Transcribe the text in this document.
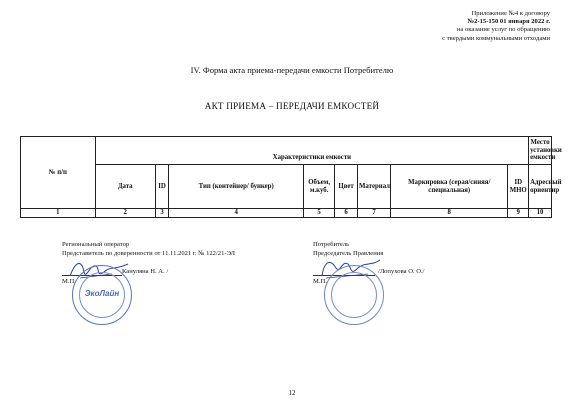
Приложение №4 к договору
№2-15-150 01 января 2022 г.
на оказание услуг по обращению
с твердыми коммунальными отходами
IV. Форма акта приема-передачи емкости Потребителю
АКТ ПРИЕМА – ПЕРЕДАЧИ ЕМКОСТЕЙ
№ п/п	Характеристики емкости								Место установки емкости
	Дата	ID	Тип (контейнер/ бункер)	Объем, м.куб.	Цвет	Материал	Маркировка (серая/синяя/специальная)	ID МНО	Адресный ориентир
1	2	3	4	5	6	7	8	9	10
Региональный оператор
Представитель по доверенности от 11.11.2021 г. № 122/21-ЭЛ
Кануляна Н. А. /
М.П.
ЭкоЛайн
Потребитель
Председатель Правления
/Лопухова О. О./
М.П.
12
